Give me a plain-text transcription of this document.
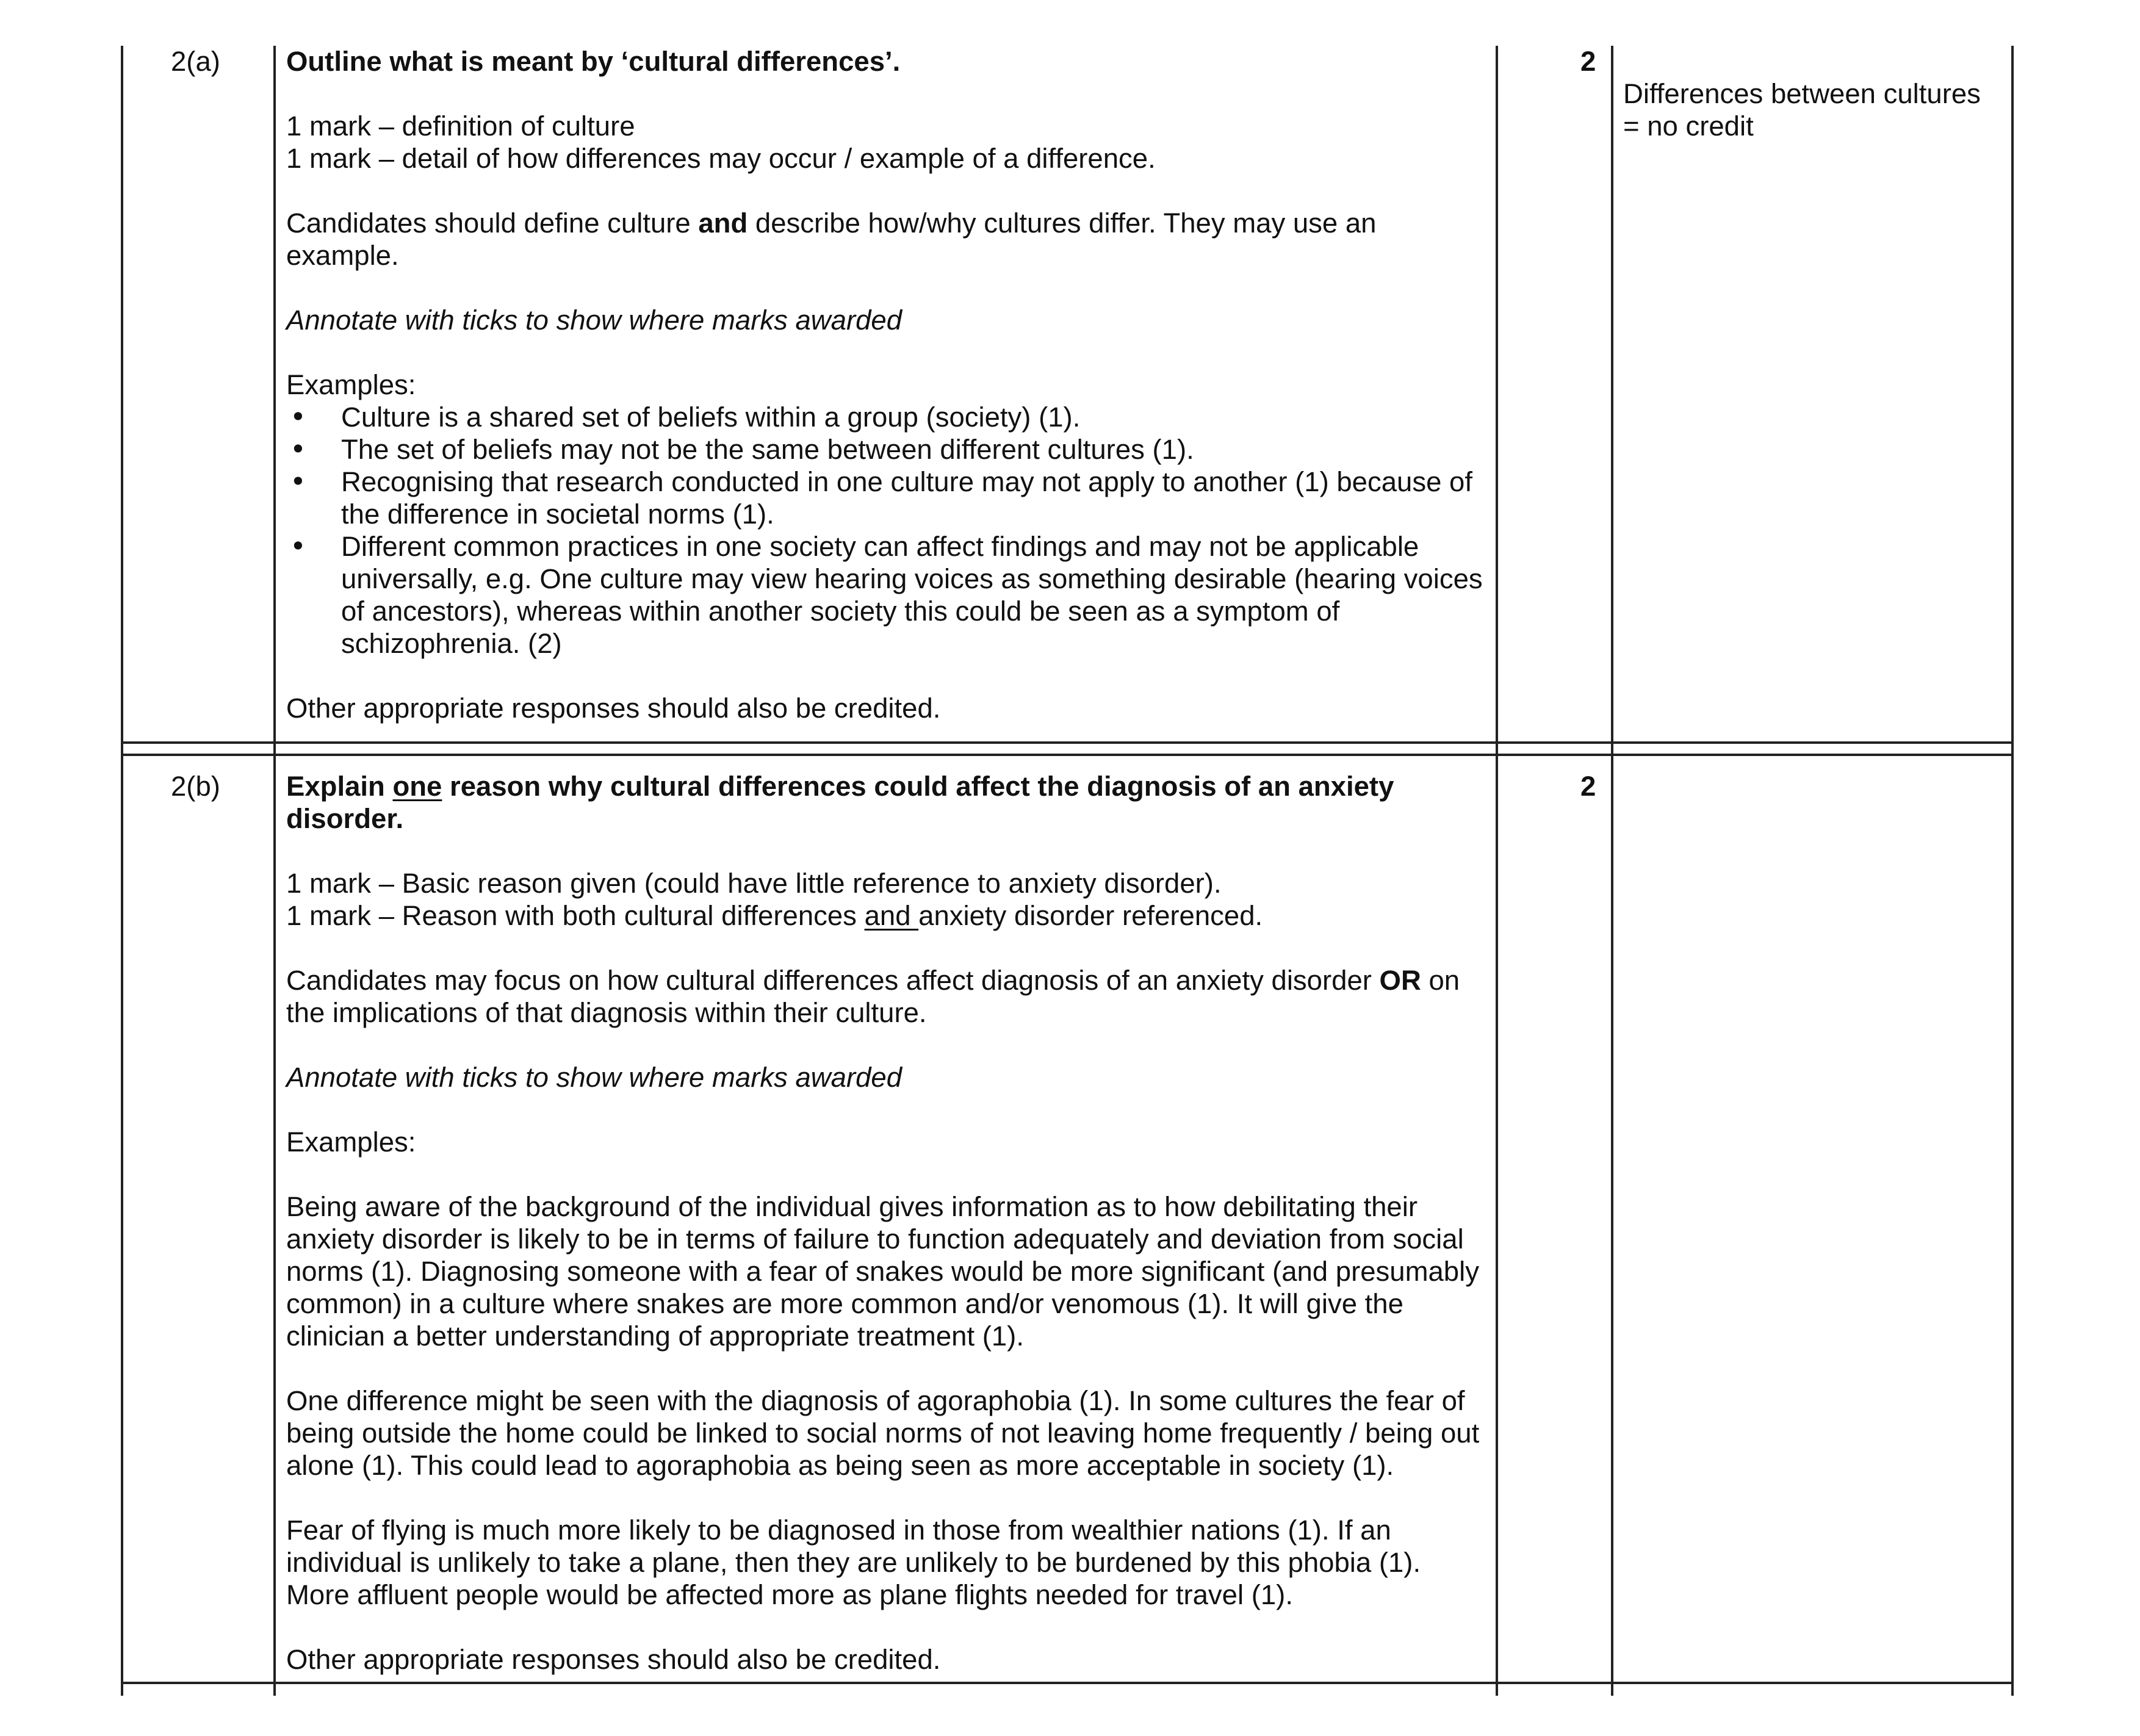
2(a) Outline what is meant by ‘cultural differences’.

1 mark – definition of culture

1 mark – detail of how differences may occur / example of a difference.

Candidates should define culture and describe how/why cultures differ. They may use an example.

Annotate with ticks to show where marks awarded

Examples:

• Culture is a shared set of beliefs within a group (society) (1).
• The set of beliefs may not be the same between different cultures (1).
• Recognising that research conducted in one culture may not apply to another (1) because of the difference in societal norms (1).
• Different common practices in one society can affect findings and may not be applicable universally, e.g. One culture may view hearing voices as something desirable (hearing voices of ancestors), whereas within another society this could be seen as a symptom of schizophrenia. (2)

Other appropriate responses should also be credited.

2
Differences between cultures = no credit
2(b) Explain one reason why cultural differences could affect the diagnosis of an anxiety disorder.

1 mark – Basic reason given (could have little reference to anxiety disorder).

1 mark – Reason with both cultural differences and anxiety disorder referenced.

Candidates may focus on how cultural differences affect diagnosis of an anxiety disorder OR on the implications of that diagnosis within their culture.

Annotate with ticks to show where marks awarded

Examples:

Being aware of the background of the individual gives information as to how debilitating their anxiety disorder is likely to be in terms of failure to function adequately and deviation from social norms (1). Diagnosing someone with a fear of snakes would be more significant (and presumably common) in a culture where snakes are more common and/or venomous (1). It will give the clinician a better understanding of appropriate treatment (1).

One difference might be seen with the diagnosis of agoraphobia (1). In some cultures the fear of being outside the home could be linked to social norms of not leaving home frequently / being out alone (1). This could lead to agoraphobia as being seen as more acceptable in society (1).

Fear of flying is much more likely to be diagnosed in those from wealthier nations (1). If an individual is unlikely to take a plane, then they are unlikely to be burdened by this phobia (1). More affluent people would be affected more as plane flights needed for travel (1).

Other appropriate responses should also be credited.

2
